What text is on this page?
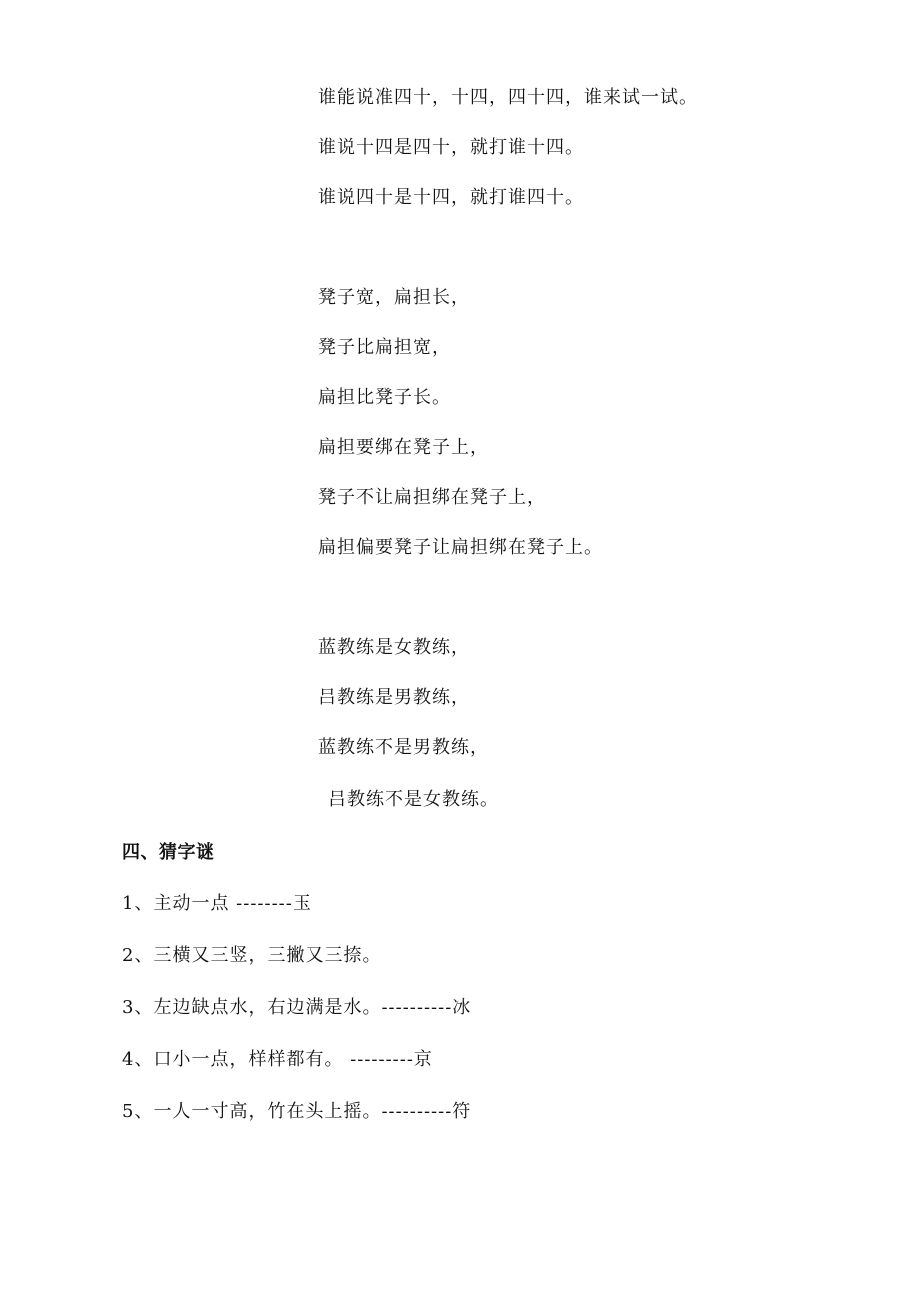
谁能说准四十，十四，四十四，谁来试一试。
谁说十四是四十，就打谁十四。
谁说四十是十四，就打谁四十。
凳子宽，扁担长，
凳子比扁担宽，
扁担比凳子长。
扁担要绑在凳子上，
凳子不让扁担绑在凳子上，
扁担偏要凳子让扁担绑在凳子上。
蓝教练是女教练，
吕教练是男教练，
蓝教练不是男教练，
吕教练不是女教练。
四、猜字谜
1、主动一点 --------玉
2、三横又三竖，三撇又三捺。
3、左边缺点水，右边满是水。----------冰
4、口小一点，样样都有。 ---------京
5、一人一寸高，竹在头上摇。----------符
